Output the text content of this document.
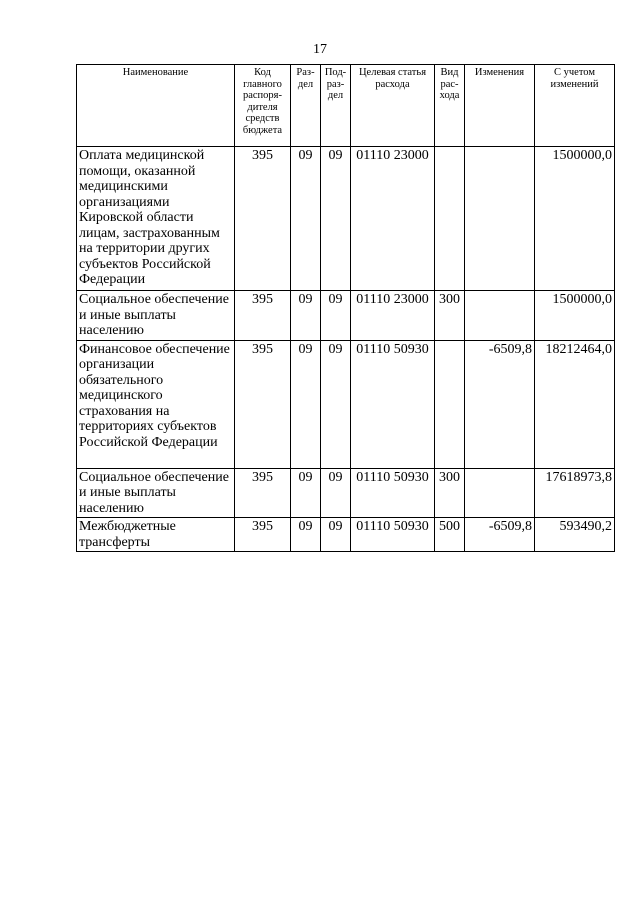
17
Наименование	Код главного распоря-дителя средств бюджета	Раз-дел	Под-раз-дел	Целевая статья расхода	Вид рас-хода	Изменения	С учетом изменений
Оплата медицинской помощи, оказанной медицинскими организациями Кировской области лицам, застрахованным на территории других субъектов Российской Федерации	395	09	09	01110 23000			1500000,0
Социальное обеспечение и иные выплаты населению	395	09	09	01110 23000	300		1500000,0
Финансовое обеспечение организации обязательного медицинского страхования на территориях субъектов Российской Федерации	395	09	09	01110 50930		-6509,8	18212464,0
Социальное обеспечение и иные выплаты населению	395	09	09	01110 50930	300		17618973,8
Межбюджетные трансферты	395	09	09	01110 50930	500	-6509,8	593490,2
